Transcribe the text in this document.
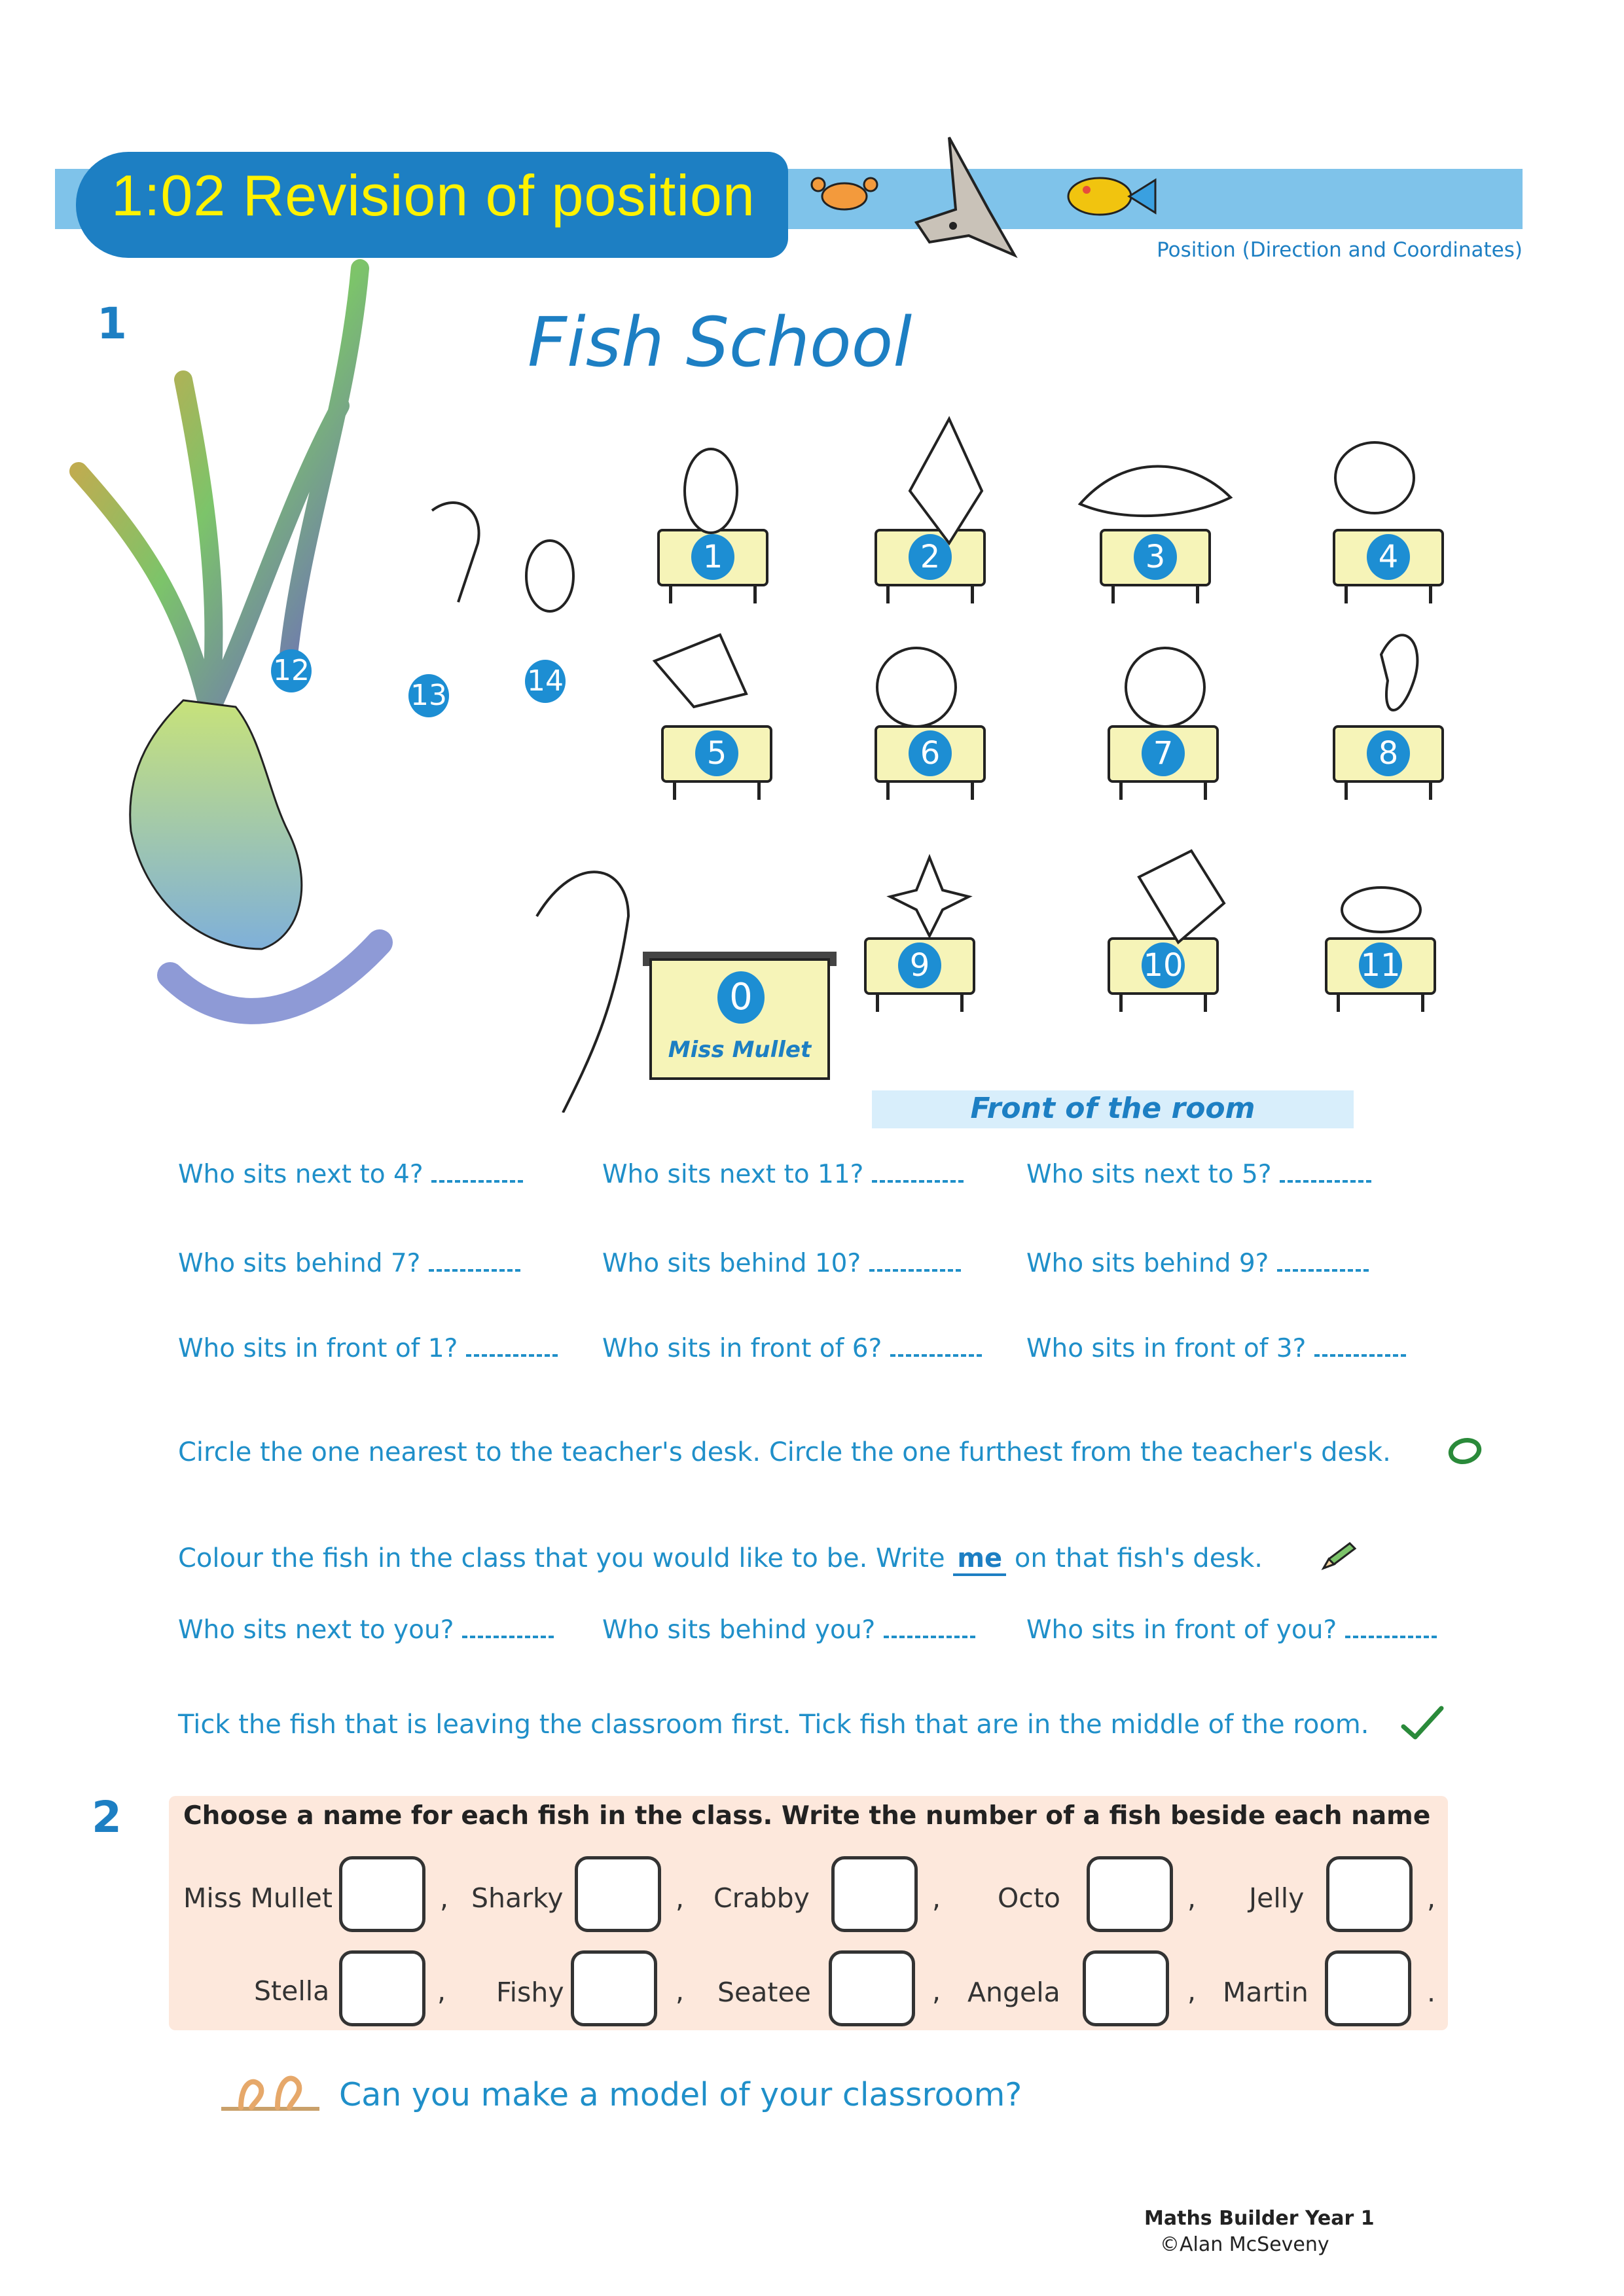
1:02 Revision of position
Position (Direction and Coordinates)
1	Fish School
1	2	3	4
5	6	7	8
9	10	11
12
13	14
0
Miss Mullet
Front of the room
Who sits next to 4?	Who sits next to 11?	Who sits next to 5?
Who sits behind 7?	Who sits behind 10?	Who sits behind 9?
Who sits in front of 1?	Who sits in front of 6?	Who sits in front of 3?
Circle the one nearest to the teacher's desk. Circle the one furthest from the teacher's desk.
Colour the fish in the class that you would like to be. Write me on that fish's desk.
Who sits next to you?	Who sits behind you?	Who sits in front of you?
Tick the fish that is leaving the classroom first. Tick fish that are in the middle of the room.
2 Choose a name for each fish in the class. Write the number of a fish beside each name
Miss Mullet	, Sharky	, Crabby	, Octo	, Jelly	,
Stella	, Fishy	, Seatee	, Angela	, Martin	.
Can you make a model of your classroom?
Maths Builder Year 1
©Alan McSeveny
